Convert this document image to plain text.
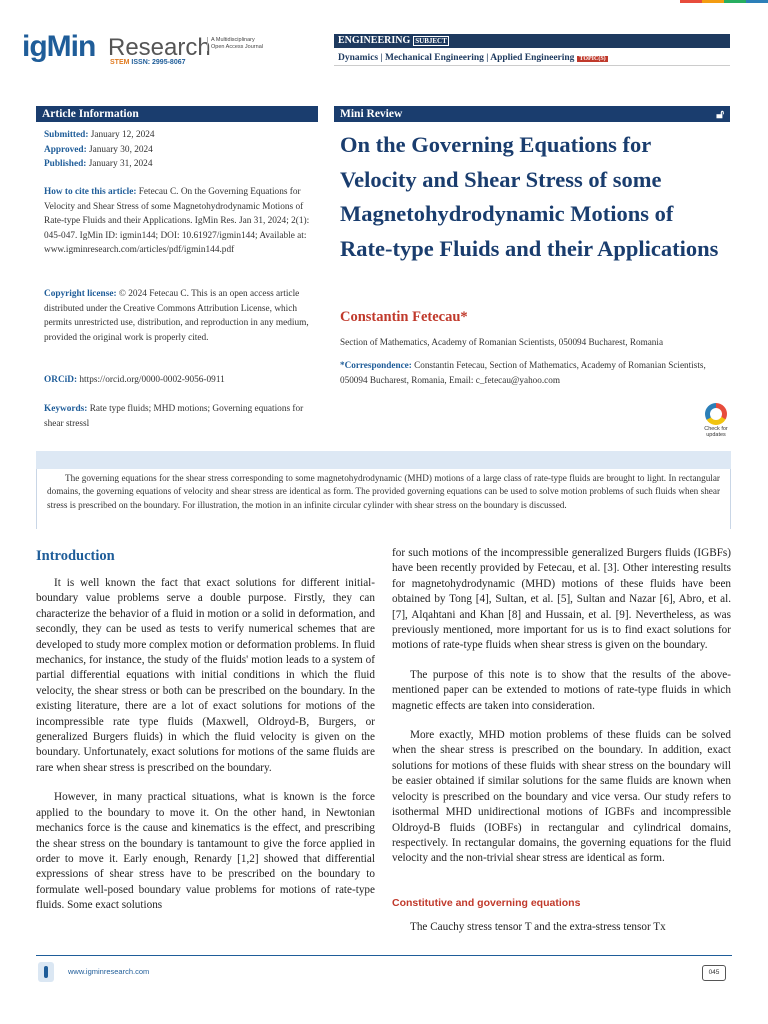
igMin Research
STEM ISSN: 2995-8067
A Multidisciplinary Open Access Journal
ENGINEERING SUBJECT
Dynamics | Mechanical Engineering | Applied Engineering TOPIC(S)
Article Information
Submitted: January 12, 2024
Approved: January 30, 2024
Published: January 31, 2024
How to cite this article: Fetecau C. On the Governing Equations for Velocity and Shear Stress of some Magnetohydrodynamic Motions of Rate-type Fluids and their Applications. IgMin Res. Jan 31, 2024; 2(1): 045-047. IgMin ID: igmin144; DOI: 10.61927/igmin144; Available at: www.igminresearch.com/articles/pdf/igmin144.pdf
Copyright license: © 2024 Fetecau C. This is an open access article distributed under the Creative Commons Attribution License, which permits unrestricted use, distribution, and reproduction in any medium, provided the original work is properly cited.
ORCiD: https://orcid.org/0000-0002-9056-0911
Keywords: Rate type fluids; MHD motions; Governing equations for shear stressl
Mini Review	🔓︎
On the Governing Equations for Velocity and Shear Stress of some Magnetohydrodynamic Motions of Rate-type Fluids and their Applications
Constantin Fetecau*
Section of Mathematics, Academy of Romanian Scientists, 050094 Bucharest, Romania
*Correspondence: Constantin Fetecau, Section of Mathematics, Academy of Romanian Scientists, 050094 Bucharest, Romania, Email: c_fetecau@yahoo.com
Check for updates
The governing equations for the shear stress corresponding to some magnetohydrodynamic (MHD) motions of a large class of rate-type fluids are brought to light. In rectangular domains, the governing equations of velocity and shear stress are identical as form. The provided governing equations can be used to solve motion problems of such fluids when shear stress is prescribed on the boundary. For illustration, the motion in an infinite circular cylinder with shear stress on the boundary is discussed.
Introduction

It is well known the fact that exact solutions for different initial-boundary value problems serve a double purpose. Firstly, they can characterize the behavior of a fluid in motion or a solid in deformation, and secondly, they can be used as tests to verify numerical schemes that are developed to study more complex motion or deformation problems. In fluid mechanics, for instance, the study of the fluids' motion leads to a system of partial differential equations with initial conditions in which the fluid velocity, the shear stress or both can be prescribed on the boundary. In the existing literature, there are a lot of exact solutions for motions of the incompressible rate type fluids (Maxwell, Oldroyd-B, Burgers, or generalized Burgers fluids) in which the fluid velocity is given on the boundary. Unfortunately, exact solutions for motions of the same fluids are rare when shear stress is prescribed on the boundary.

However, in many practical situations, what is known is the force applied to the boundary to move it. On the other hand, in Newtonian mechanics force is the cause and kinematics is the effect, and prescribing the shear stress on the boundary is tantamount to give the force applied in order to move it. Early enough, Renardy [1,2] showed that differential expressions of shear stress have to be prescribed on the boundary to formulate well-posed boundary value problems for motions of rate-type fluids. Some exact solutions

for such motions of the incompressible generalized Burgers fluids (IGBFs) have been recently provided by Fetecau, et al. [3]. Other interesting results for magnetohydrodynamic (MHD) motions of these fluids have been obtained by Tong [4], Sultan, et al. [5], Sultan and Nazar [6], Abro, et al. [7], Alqahtani and Khan [8] and Hussain, et al. [9]. Nevertheless, as was previously mentioned, more important for us is to find exact solutions for motions of rate-type fluids when shear stress is given on the boundary.

The purpose of this note is to show that the results of the above-mentioned paper can be extended to motions of rate-type fluids in which magnetic effects are taken into consideration.

More exactly, MHD motion problems of these fluids can be solved when the shear stress is prescribed on the boundary. In addition, exact solutions for motions of these fluids with shear stress on the boundary will be easier obtained if similar solutions for the same fluids are known when velocity is prescribed on the boundary and vice versa. Our study refers to isothermal MHD unidirectional motions of IGBFs and incompressible Oldroyd-B fluids (IOBFs) in rectangular and cylindrical domains, respectively. In rectangular domains, the governing equations for the fluid velocity and the non-trivial shear stress are identical as form.

Constitutive and governing equations

The Cauchy stress tensor T and the extra-stress tensor Tx

www.igminresearch.com	045
